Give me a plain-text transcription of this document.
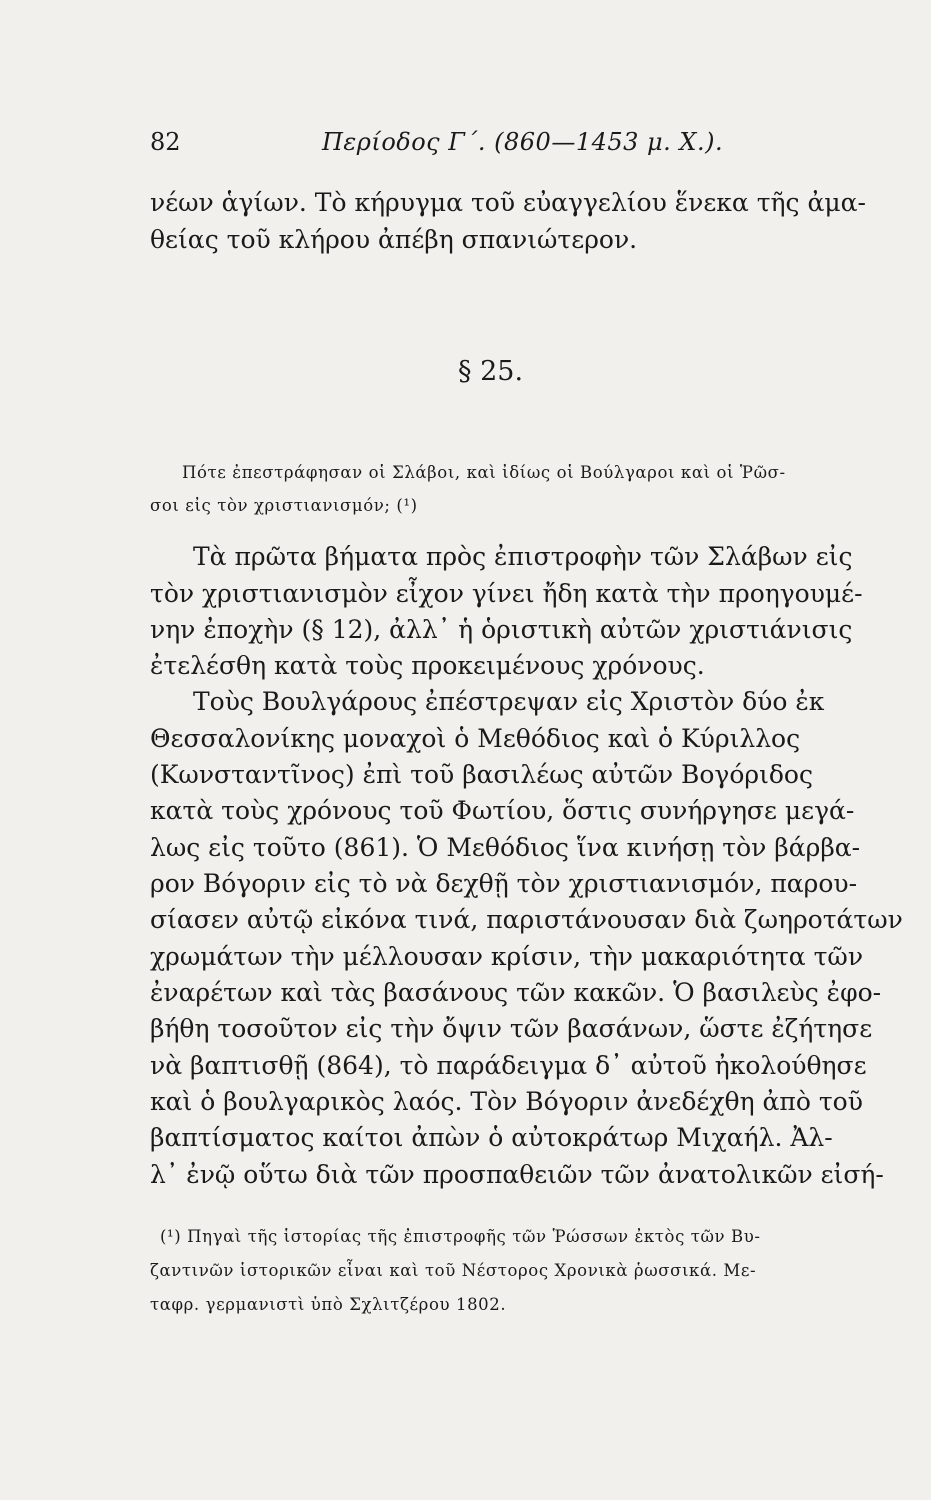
82	Περίοδος Γ΄. (860—1453 μ. Χ.).
νέων ἁγίων. Τὸ κήρυγμα τοῦ εὐαγγελίου ἕνεκα τῆς ἀμα-
θείας τοῦ κλήρου ἀπέβη σπανιώτερον.
§ 25.
Πότε ἐπεστράφησαν οἱ Σλάβοι, καὶ ἰδίως οἱ Βούλγαροι καὶ οἱ Ῥῶσ-
σοι εἰς τὸν χριστιανισμόν; (¹)
Τὰ πρῶτα βήματα πρὸς ἐπιστροφὴν τῶν Σλάβων εἰς
τὸν χριστιανισμὸν εἶχον γίνει ἤδη κατὰ τὴν προηγουμέ-
νην ἐποχὴν (§ 12), ἀλλ᾽ ἡ ὁριστικὴ αὐτῶν χριστιάνισις
ἐτελέσθη κατὰ τοὺς προκειμένους χρόνους.
Τοὺς Βουλγάρους ἐπέστρεψαν εἰς Χριστὸν δύο ἐκ
Θεσσαλονίκης μοναχοὶ ὁ Μεθόδιος καὶ ὁ Κύριλλος
(Κωνσταντῖνος) ἐπὶ τοῦ βασιλέως αὐτῶν Βογόριδος
κατὰ τοὺς χρόνους τοῦ Φωτίου, ὅστις συνήργησε μεγά-
λως εἰς τοῦτο (861). Ὁ Μεθόδιος ἵνα κινήσῃ τὸν βάρβα-
ρον Βόγοριν εἰς τὸ νὰ δεχθῇ τὸν χριστιανισμόν, παρου-
σίασεν αὐτῷ εἰκόνα τινά, παριστάνουσαν διὰ ζωηροτάτων
χρωμάτων τὴν μέλλουσαν κρίσιν, τὴν μακαριότητα τῶν
ἐναρέτων καὶ τὰς βασάνους τῶν κακῶν. Ὁ βασιλεὺς ἐφο-
βήθη τοσοῦτον εἰς τὴν ὄψιν τῶν βασάνων, ὥστε ἐζήτησε
νὰ βαπτισθῇ (864), τὸ παράδειγμα δ᾽ αὐτοῦ ἠκολούθησε
καὶ ὁ βουλγαρικὸς λαός. Τὸν Βόγοριν ἀνεδέχθη ἀπὸ τοῦ
βαπτίσματος καίτοι ἀπὼν ὁ αὐτοκράτωρ Μιχαήλ. Ἀλ-
λ᾽ ἐνῷ οὕτω διὰ τῶν προσπαθειῶν τῶν ἀνατολικῶν εἰσή-
(¹) Πηγαὶ τῆς ἱστορίας τῆς ἐπιστροφῆς τῶν Ῥώσσων ἐκτὸς τῶν Βυ-
ζαντινῶν ἱστορικῶν εἶναι καὶ τοῦ Νέστορος Χρονικὰ ῥωσσικά. Με-
ταφρ. γερμανιστὶ ὑπὸ Σχλιτζέρου 1802.
